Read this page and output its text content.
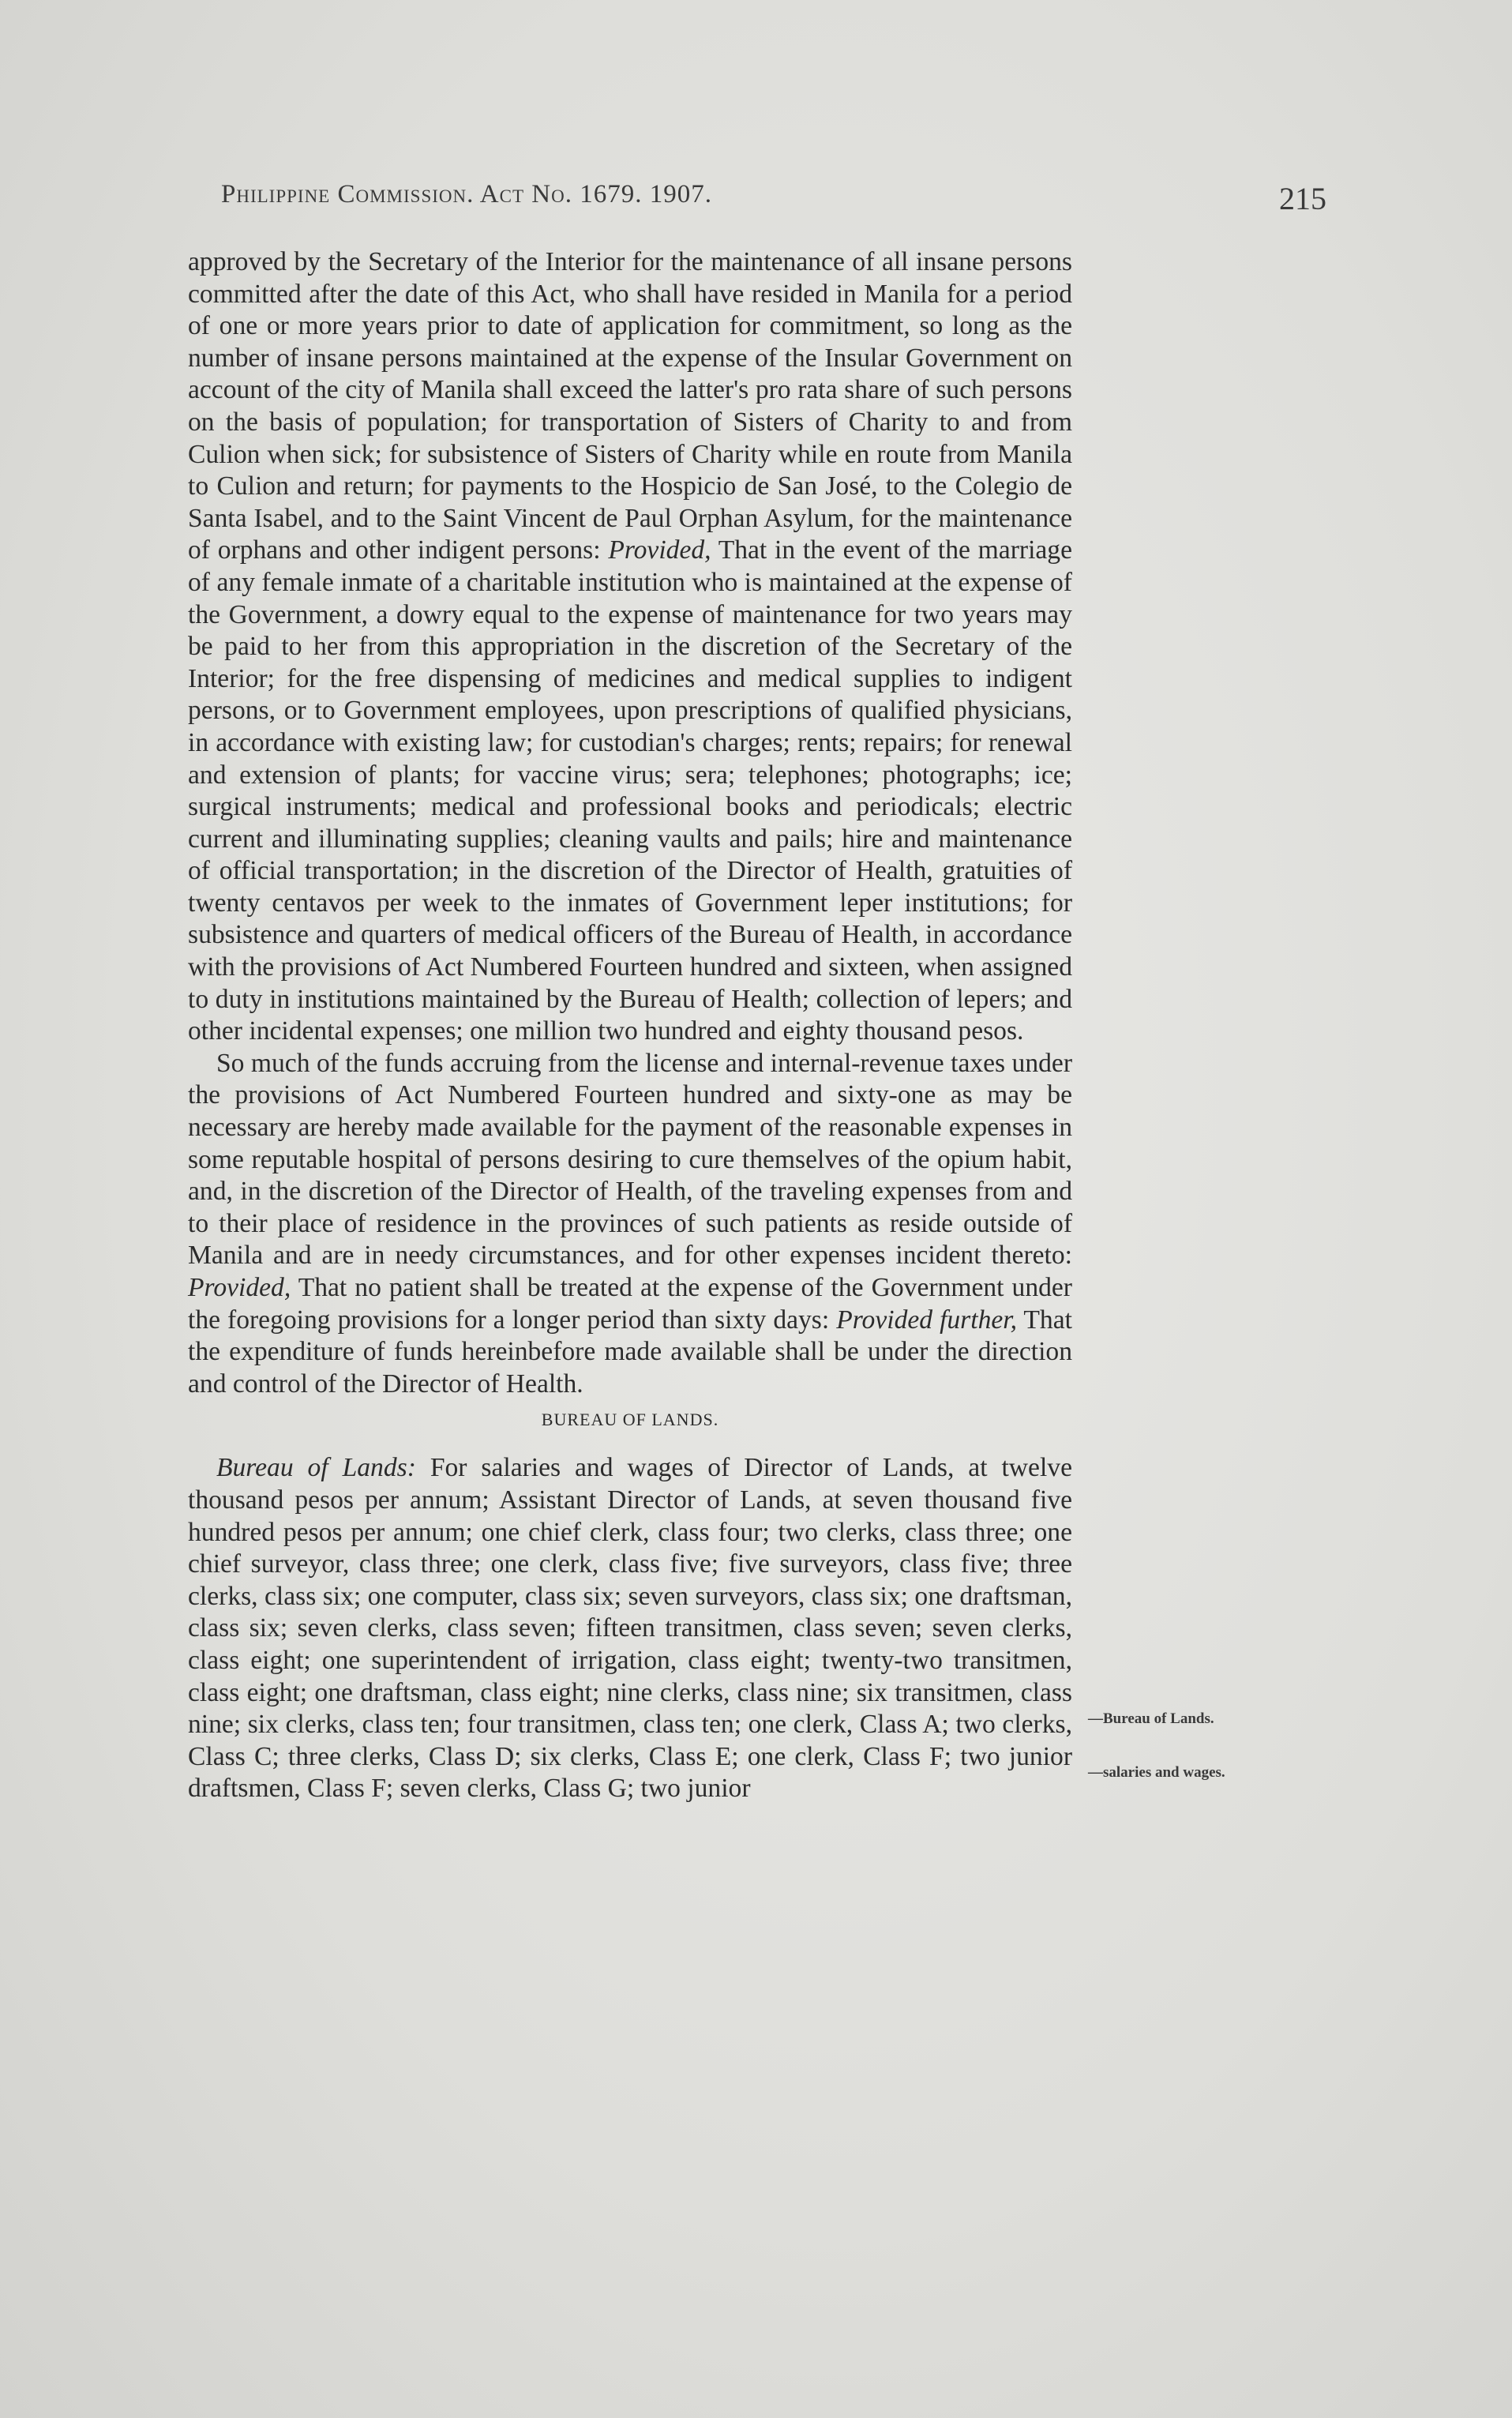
Philippine Commission. Act No. 1679. 1907.	215

approved by the Secretary of the Interior for the maintenance of all insane persons committed after the date of this Act, who shall have resided in Manila for a period of one or more years prior to date of application for commitment, so long as the number of insane persons maintained at the expense of the Insular Government on account of the city of Manila shall exceed the latter's pro rata share of such persons on the basis of population; for transportation of Sisters of Charity to and from Culion when sick; for subsistence of Sisters of Charity while en route from Manila to Culion and return; for payments to the Hospicio de San José, to the Colegio de Santa Isabel, and to the Saint Vincent de Paul Orphan Asylum, for the maintenance of orphans and other indigent persons: Provided, That in the event of the marriage of any female inmate of a charitable institution who is maintained at the expense of the Government, a dowry equal to the expense of maintenance for two years may be paid to her from this appropriation in the discretion of the Secretary of the Interior; for the free dispensing of medicines and medical supplies to indigent persons, or to Government employees, upon prescriptions of qualified physicians, in accordance with existing law; for custodian's charges; rents; repairs; for renewal and extension of plants; for vaccine virus; sera; telephones; photographs; ice; surgical instruments; medical and professional books and periodicals; electric current and illuminating supplies; cleaning vaults and pails; hire and maintenance of official transportation; in the discretion of the Director of Health, gratuities of twenty centavos per week to the inmates of Government leper institutions; for subsistence and quarters of medical officers of the Bureau of Health, in accordance with the provisions of Act Numbered Fourteen hundred and sixteen, when assigned to duty in institutions maintained by the Bureau of Health; collection of lepers; and other incidental expenses; one million two hundred and eighty thousand pesos.

So much of the funds accruing from the license and internal-revenue taxes under the provisions of Act Numbered Fourteen hundred and sixty-one as may be necessary are hereby made available for the payment of the reasonable expenses in some reputable hospital of persons desiring to cure themselves of the opium habit, and, in the discretion of the Director of Health, of the traveling expenses from and to their place of residence in the provinces of such patients as reside outside of Manila and are in needy circumstances, and for other expenses incident thereto: Provided, That no patient shall be treated at the expense of the Government under the foregoing provisions for a longer period than sixty days: Provided further, That the expenditure of funds hereinbefore made available shall be under the direction and control of the Director of Health.

BUREAU OF LANDS.

Bureau of Lands: For salaries and wages of Director of Lands, at twelve thousand pesos per annum; Assistant Director of Lands, at seven thousand five hundred pesos per annum; one chief clerk, class four; two clerks, class three; one chief surveyor, class three; one clerk, class five; five surveyors, class five; three clerks, class six; one computer, class six; seven surveyors, class six; one draftsman, class six; seven clerks, class seven; fifteen transitmen, class seven; seven clerks, class eight; one superintendent of irrigation, class eight; twenty-two transitmen, class eight; one draftsman, class eight; nine clerks, class nine; six transitmen, class nine; six clerks, class ten; four transitmen, class ten; one clerk, Class A; two clerks, Class C; three clerks, Class D; six clerks, Class E; one clerk, Class F; two junior draftsmen, Class F; seven clerks, Class G; two junior

—Bureau of Lands.
—salaries and wages.
